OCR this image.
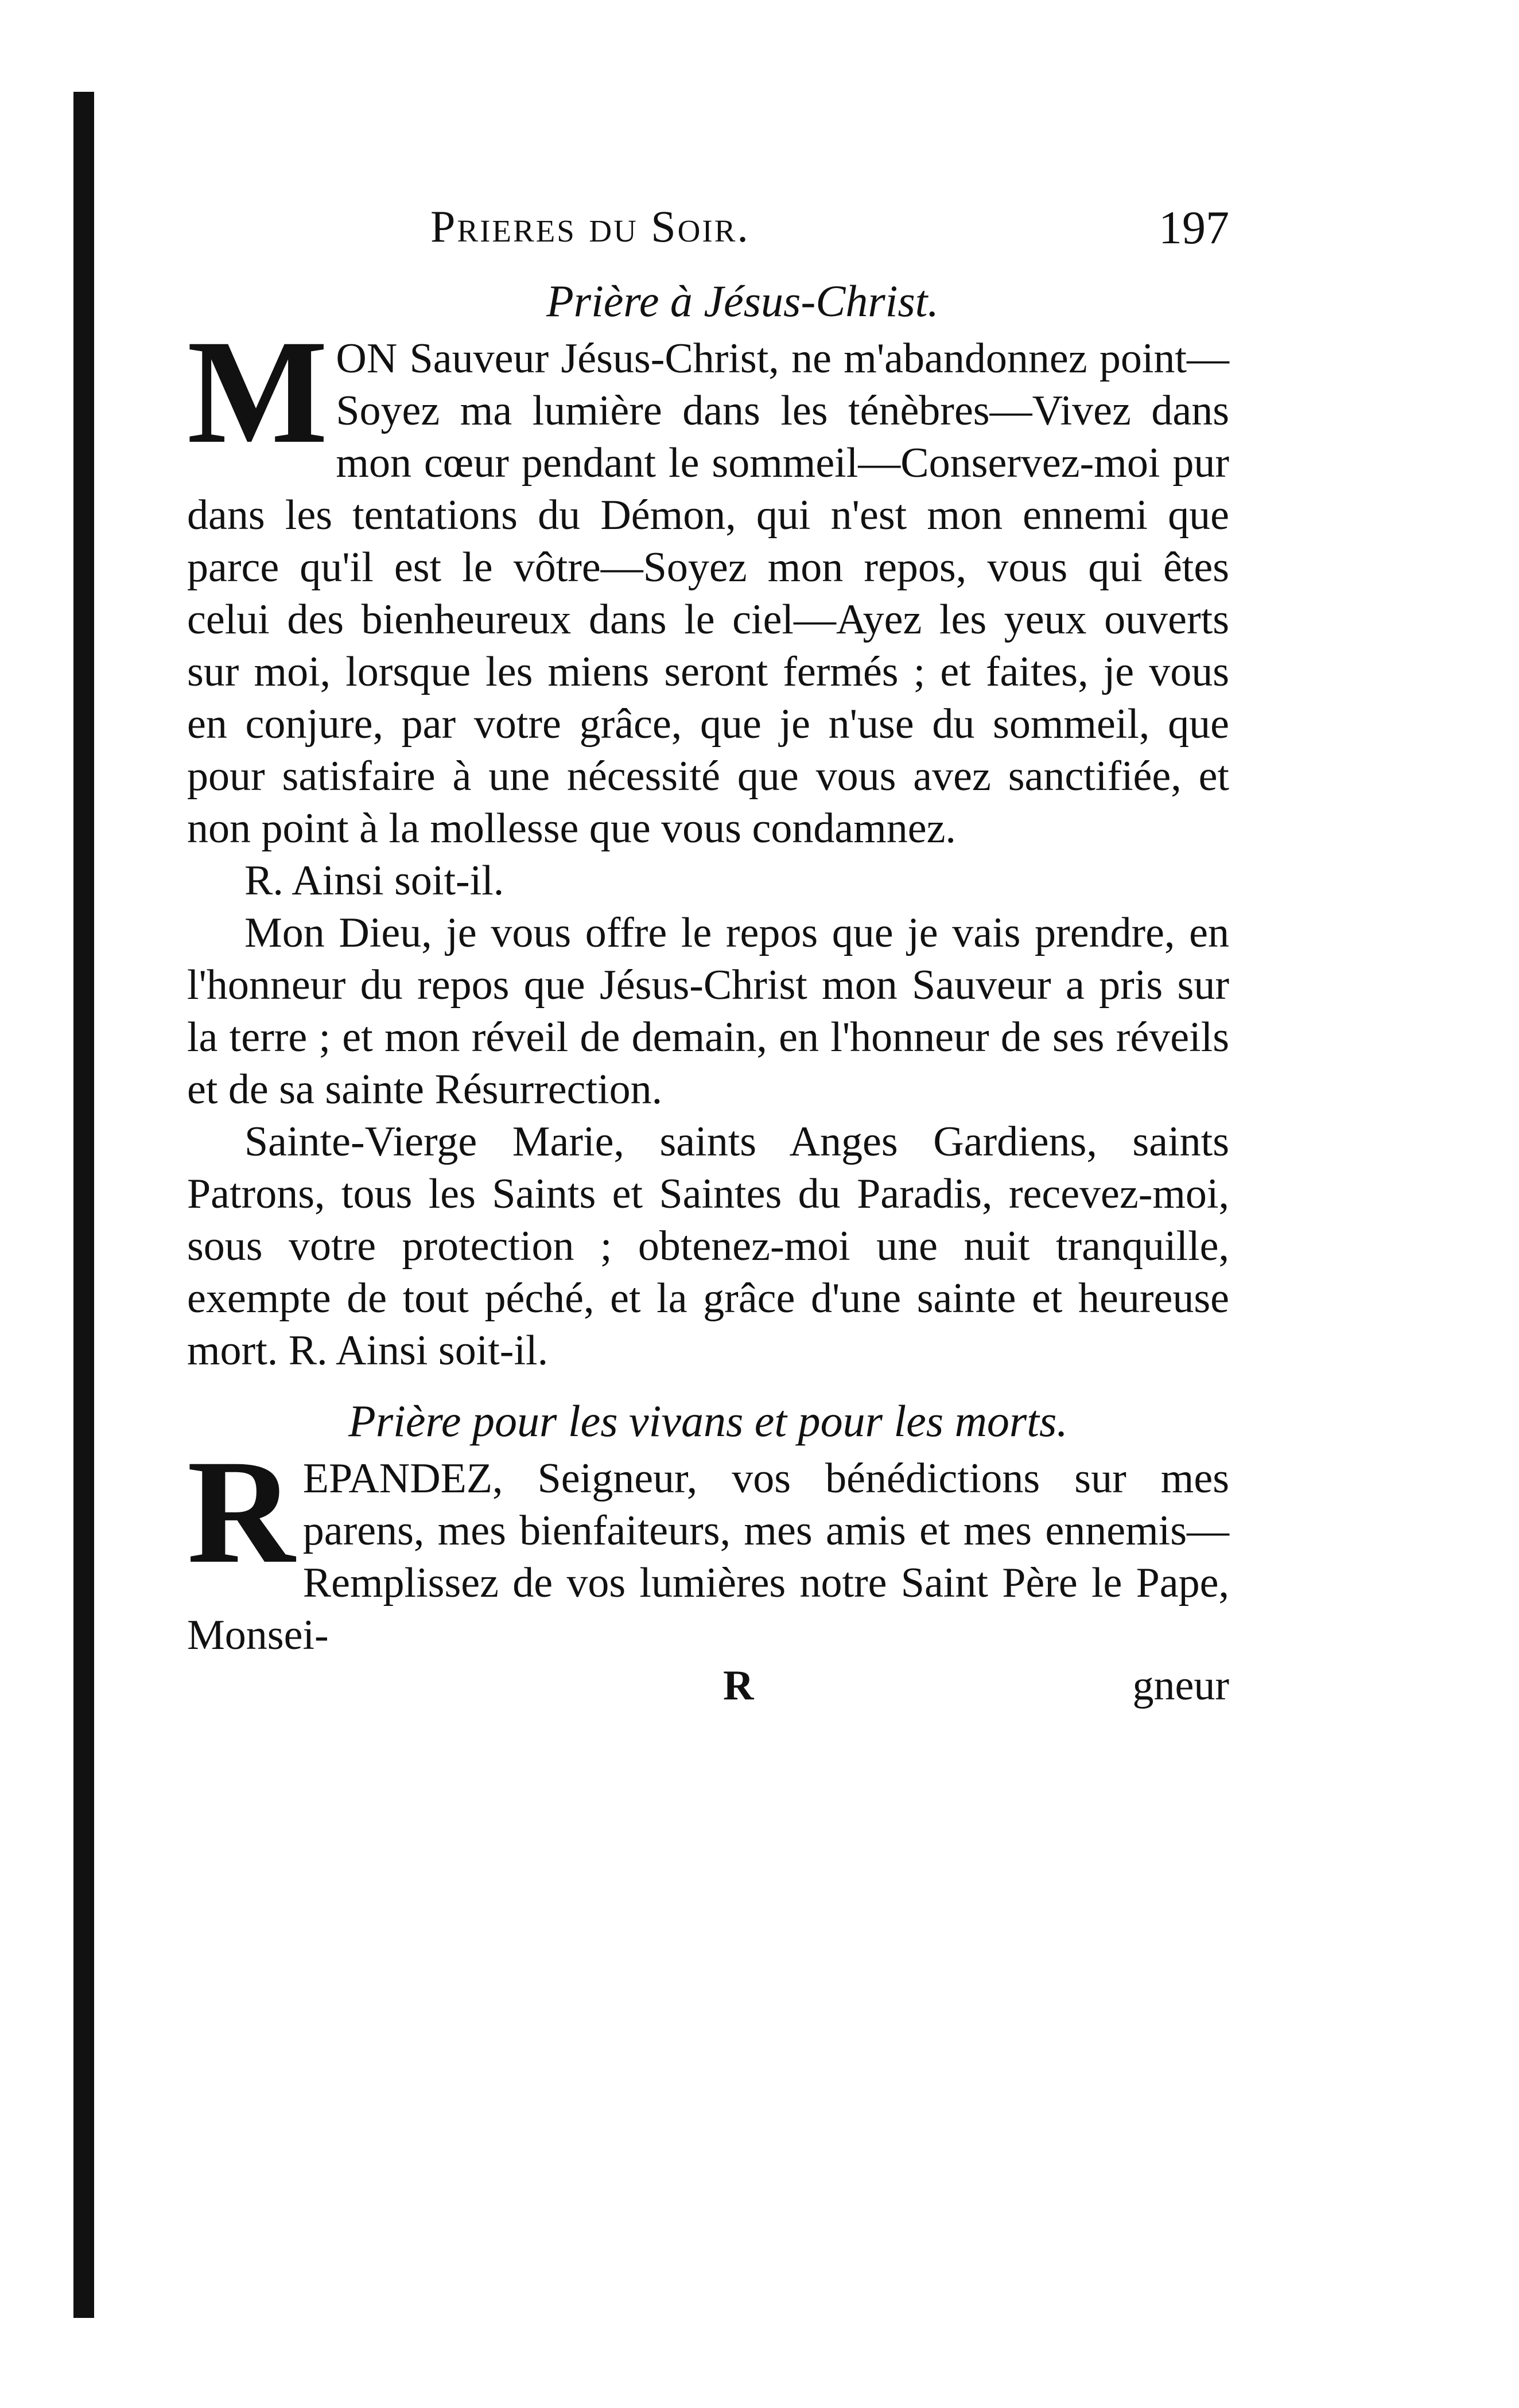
Prieres du Soir.	197

Prière à Jésus-Christ.

MON Sauveur Jésus-Christ, ne m'abandonnez point—Soyez ma lumière dans les ténèbres—Vivez dans mon cœur pendant le sommeil—Conservez-moi pur dans les tentations du Démon, qui n'est mon ennemi que parce qu'il est le vôtre—Soyez mon repos, vous qui êtes celui des bienheureux dans le ciel—Ayez les yeux ouverts sur moi, lorsque les miens seront fermés ; et faites, je vous en conjure, par votre grâce, que je n'use du sommeil, que pour satisfaire à une nécessité que vous avez sanctifiée, et non point à la mollesse que vous condamnez.

R. Ainsi soit-il.

Mon Dieu, je vous offre le repos que je vais prendre, en l'honneur du repos que Jésus-Christ mon Sauveur a pris sur la terre ; et mon réveil de demain, en l'honneur de ses réveils et de sa sainte Résurrection.

Sainte-Vierge Marie, saints Anges Gardiens, saints Patrons, tous les Saints et Saintes du Paradis, recevez-moi, sous votre protection ; obtenez-moi une nuit tranquille, exempte de tout péché, et la grâce d'une sainte et heureuse mort. R. Ainsi soit-il.

Prière pour les vivans et pour les morts.

REPANDEZ, Seigneur, vos bénédictions sur mes parens, mes bienfaiteurs, mes amis et mes ennemis—Remplissez de vos lumières notre Saint Père le Pape, Monsei-

R	gneur
